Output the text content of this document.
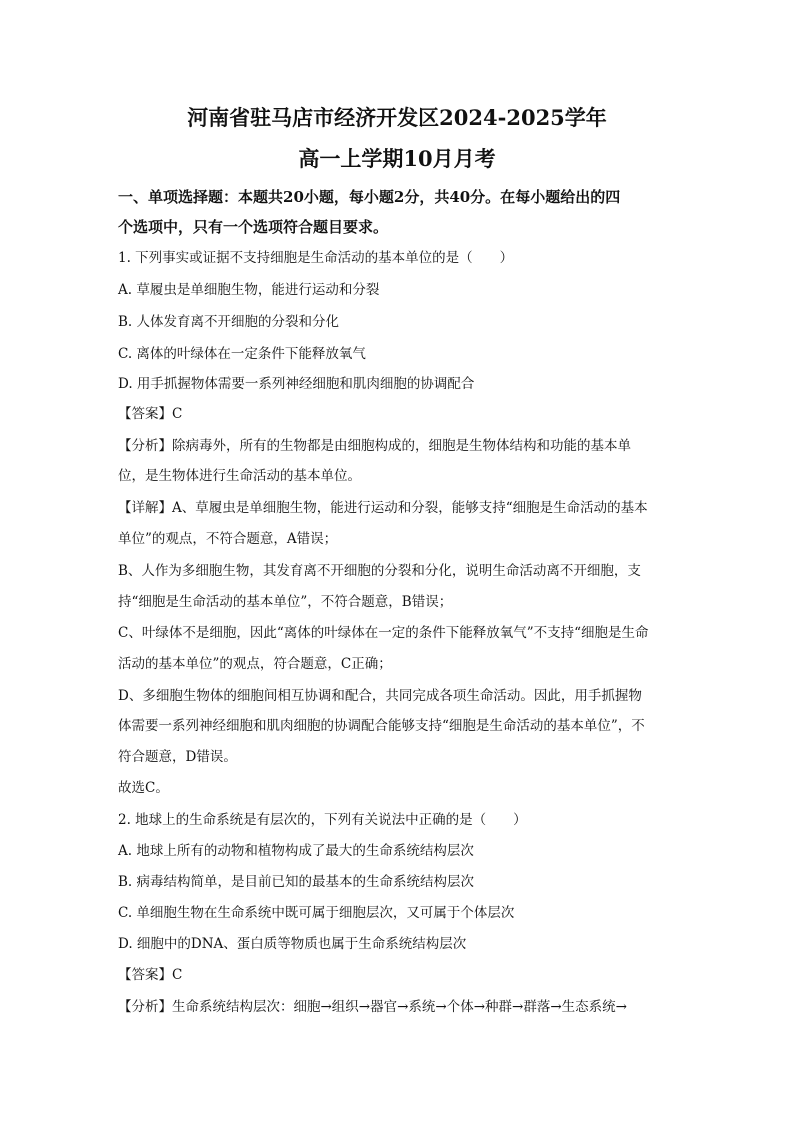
河南省驻马店市经济开发区2024-2025学年
高一上学期10月月考
一、单项选择题：本题共20小题，每小题2分，共40分。在每小题给出的四
个选项中，只有一个选项符合题目要求。
1. 下列事实或证据不支持细胞是生命活动的基本单位的是（　　）
A. 草履虫是单细胞生物，能进行运动和分裂
B. 人体发育离不开细胞的分裂和分化
C. 离体的叶绿体在一定条件下能释放氧气
D. 用手抓握物体需要一系列神经细胞和肌肉细胞的协调配合
【答案】C
【分析】除病毒外，所有的生物都是由细胞构成的，细胞是生物体结构和功能的基本单
位，是生物体进行生命活动的基本单位。
【详解】A、草履虫是单细胞生物，能进行运动和分裂，能够支持“细胞是生命活动的基本
单位”的观点，不符合题意，A错误；
B、人作为多细胞生物，其发育离不开细胞的分裂和分化，说明生命活动离不开细胞，支
持“细胞是生命活动的基本单位”，不符合题意，B错误；
C、叶绿体不是细胞，因此“离体的叶绿体在一定的条件下能释放氧气”不支持“细胞是生命
活动的基本单位”的观点，符合题意，C正确；
D、多细胞生物体的细胞间相互协调和配合，共同完成各项生命活动。因此，用手抓握物
体需要一系列神经细胞和肌肉细胞的协调配合能够支持“细胞是生命活动的基本单位”，不
符合题意，D错误。
故选C。
2. 地球上的生命系统是有层次的，下列有关说法中正确的是（　　）
A. 地球上所有的动物和植物构成了最大的生命系统结构层次
B. 病毒结构简单，是目前已知的最基本的生命系统结构层次
C. 单细胞生物在生命系统中既可属于细胞层次，又可属于个体层次
D. 细胞中的DNA、蛋白质等物质也属于生命系统结构层次
【答案】C
【分析】生命系统结构层次：细胞→组织→器官→系统→个体→种群→群落→生态系统→
